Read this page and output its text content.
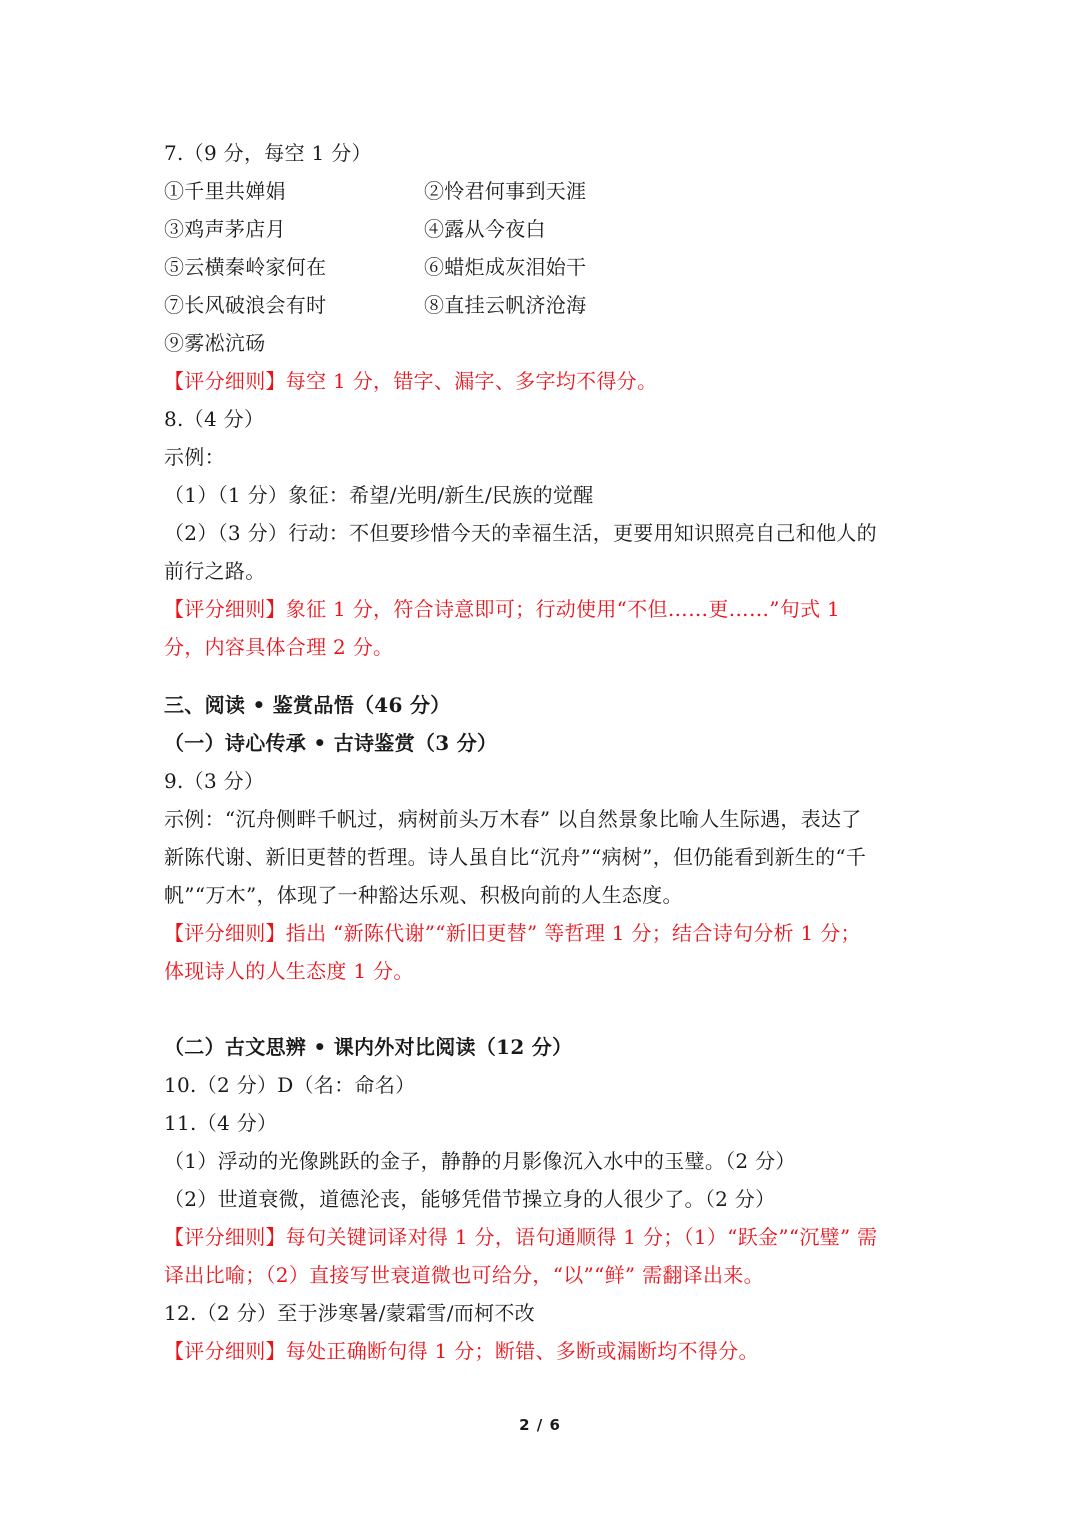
7.（9 分，每空 1 分）
①千里共婵娟	②怜君何事到天涯
③鸡声茅店月	④露从今夜白
⑤云横秦岭家何在	⑥蜡炬成灰泪始干
⑦长风破浪会有时	⑧直挂云帆济沧海
⑨雾凇沆砀
【评分细则】每空 1 分，错字、漏字、多字均不得分。
8.（4 分）
示例：
（1）（1 分）象征：希望/光明/新生/民族的觉醒
（2）（3 分）行动：不但要珍惜今天的幸福生活，更要用知识照亮自己和他人的
前行之路。
【评分细则】象征 1 分，符合诗意即可；行动使用“不但……更……”句式 1
分，内容具体合理 2 分。
三、阅读 • 鉴赏品悟（46 分）
（一）诗心传承 • 古诗鉴赏（3 分）
9.（3 分）
示例：“沉舟侧畔千帆过，病树前头万木春” 以自然景象比喻人生际遇，表达了
新陈代谢、新旧更替的哲理。诗人虽自比“沉舟”“病树”，但仍能看到新生的“千
帆”“万木”，体现了一种豁达乐观、积极向前的人生态度。
【评分细则】指出 “新陈代谢”“新旧更替” 等哲理 1 分；结合诗句分析 1 分；
体现诗人的人生态度 1 分。
（二）古文思辨 • 课内外对比阅读（12 分）
10.（2 分）D（名：命名）
11.（4 分）
（1）浮动的光像跳跃的金子，静静的月影像沉入水中的玉璧。（2 分）
（2）世道衰微，道德沦丧，能够凭借节操立身的人很少了。（2 分）
【评分细则】每句关键词译对得 1 分，语句通顺得 1 分；（1）“跃金”“沉璧” 需
译出比喻；（2）直接写世衰道微也可给分，“以”“鲜” 需翻译出来。
12.（2 分）至于涉寒暑/蒙霜雪/而柯不改
【评分细则】每处正确断句得 1 分；断错、多断或漏断均不得分。
2 / 6
